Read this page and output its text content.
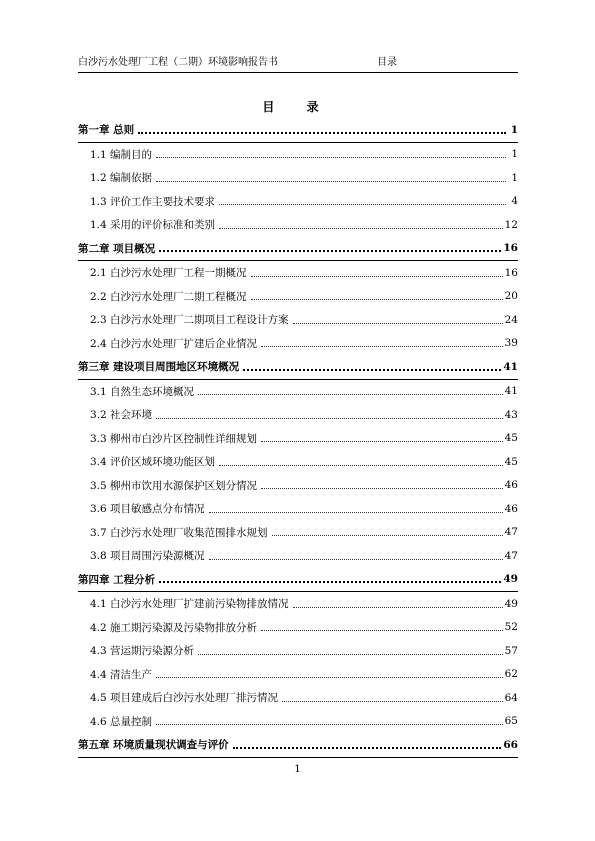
白沙污水处理厂工程（二期）环境影响报告书	目录
目 录
第一章 总则	1
1.1 编制目的	1
1.2 编制依据	1
1.3 评价工作主要技术要求	4
1.4 采用的评价标准和类别	12
第二章 项目概况	16
2.1 白沙污水处理厂工程一期概况	16
2.2 白沙污水处理厂二期工程概况	20
2.3 白沙污水处理厂二期项目工程设计方案	24
2.4 白沙污水处理厂扩建后企业情况	39
第三章 建设项目周围地区环境概况	41
3.1 自然生态环境概况	41
3.2 社会环境	43
3.3 柳州市白沙片区控制性详细规划	45
3.4 评价区域环境功能区划	45
3.5 柳州市饮用水源保护区划分情况	46
3.6 项目敏感点分布情况	46
3.7 白沙污水处理厂收集范围排水规划	47
3.8 项目周围污染源概况	47
第四章 工程分析	49
4.1 白沙污水处理厂扩建前污染物排放情况	49
4.2 施工期污染源及污染物排放分析	52
4.3 营运期污染源分析	57
4.4 清洁生产	62
4.5 项目建成后白沙污水处理厂排污情况	64
4.6 总量控制	65
第五章 环境质量现状调查与评价	66
1
